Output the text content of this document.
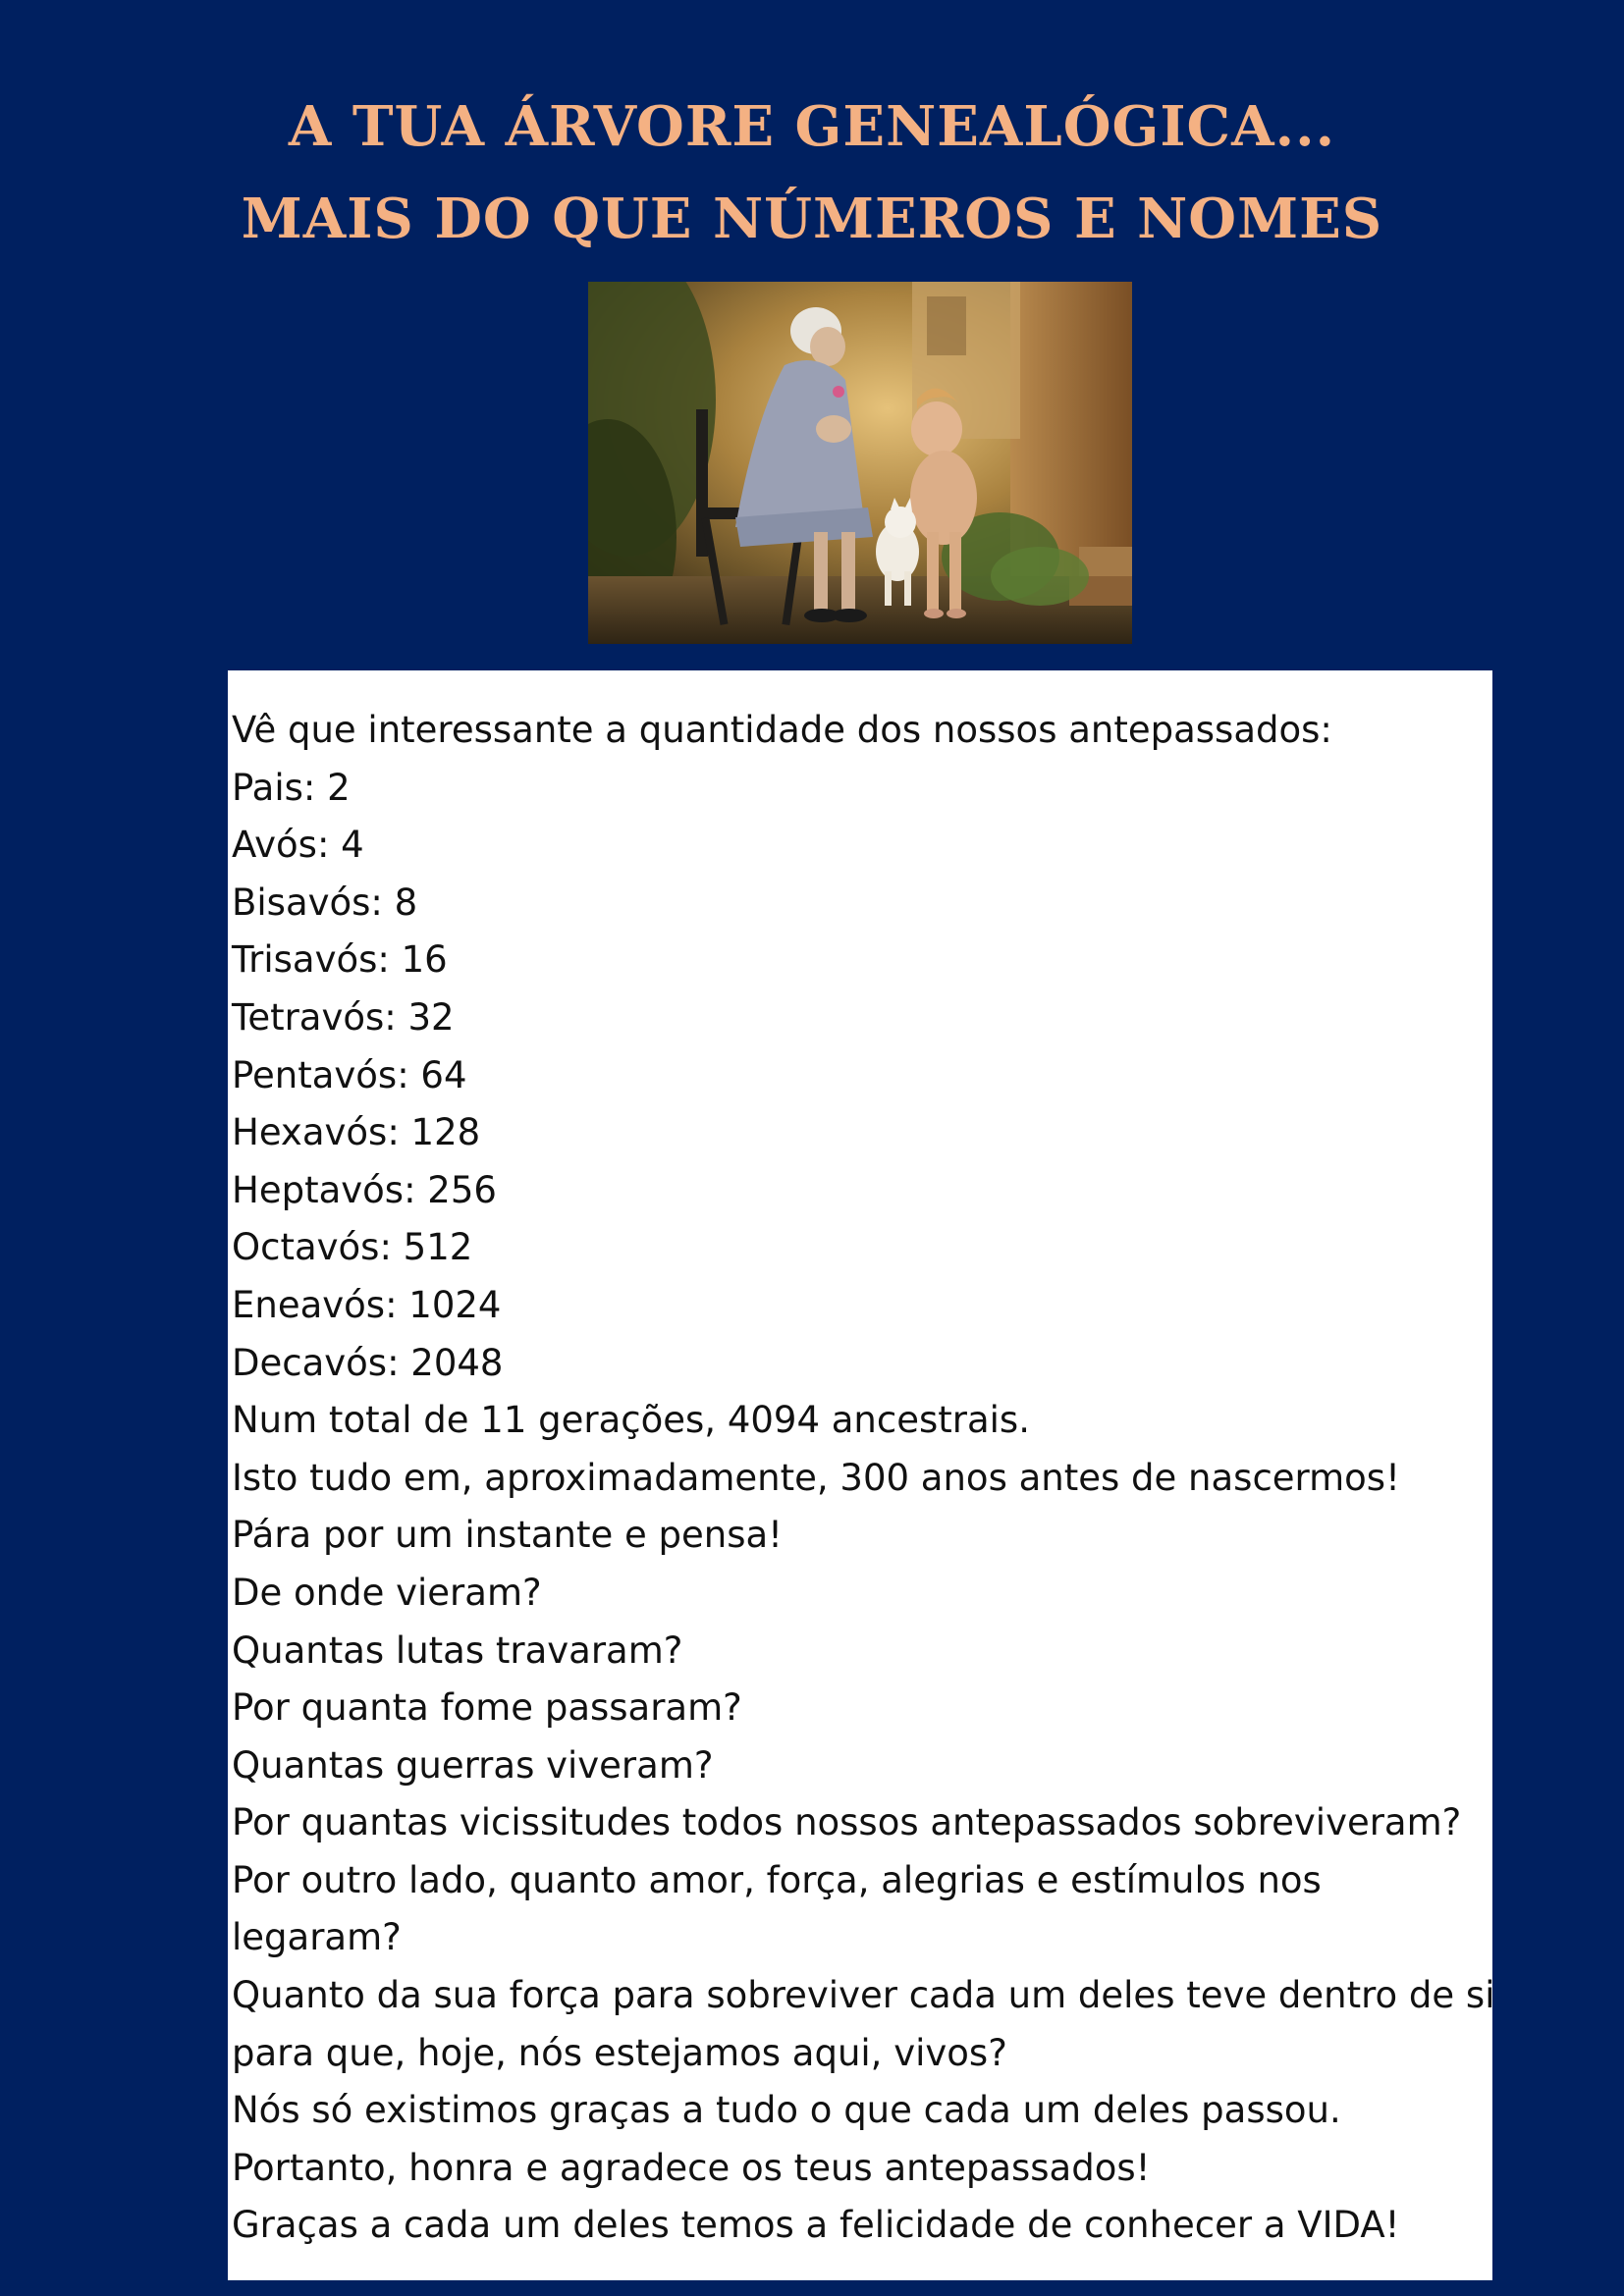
A TUA ÁRVORE GENEALÓGICA...
MAIS DO QUE NÚMEROS E NOMES
Vê que interessante a quantidade dos nossos antepassados:
Pais: 2
Avós: 4
Bisavós: 8
Trisavós: 16
Tetravós: 32
Pentavós: 64
Hexavós: 128
Heptavós: 256
Octavós: 512
Eneavós: 1024
Decavós: 2048
Num total de 11 gerações, 4094 ancestrais.
Isto tudo em, aproximadamente, 300 anos antes de nascermos!
Pára por um instante e pensa!
De onde vieram?
Quantas lutas travaram?
Por quanta fome passaram?
Quantas guerras viveram?
Por quantas vicissitudes todos nossos antepassados sobreviveram?
Por outro lado, quanto amor, força, alegrias e estímulos nos
legaram?
Quanto da sua força para sobreviver cada um deles teve dentro de si
para que, hoje, nós estejamos aqui, vivos?
Nós só existimos graças a tudo o que cada um deles passou.
Portanto, honra e agradece os teus antepassados!
Graças a cada um deles temos a felicidade de conhecer a VIDA!
